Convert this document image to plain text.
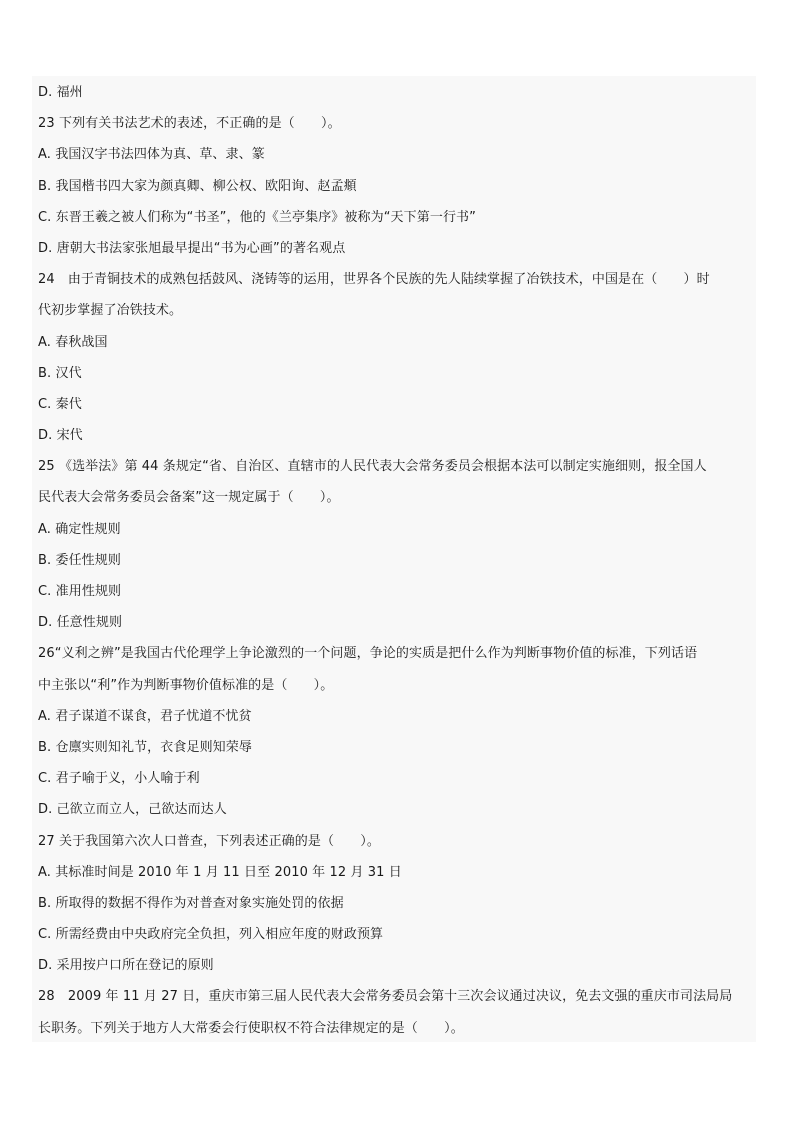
D. 福州
23 下列有关书法艺术的表述，不正确的是（　　）。
A. 我国汉字书法四体为真、草、隶、篆
B. 我国楷书四大家为颜真卿、柳公权、欧阳询、赵孟頫
C. 东晋王羲之被人们称为“书圣”，他的《兰亭集序》被称为“天下第一行书”
D. 唐朝大书法家张旭最早提出“书为心画”的著名观点
24　由于青铜技术的成熟包括鼓风、浇铸等的运用，世界各个民族的先人陆续掌握了冶铁技术，中国是在（　　）时
代初步掌握了冶铁技术。
A. 春秋战国
B. 汉代
C. 秦代
D. 宋代
25 《选举法》第 44 条规定“省、自治区、直辖市的人民代表大会常务委员会根据本法可以制定实施细则，报全国人
民代表大会常务委员会备案”这一规定属于（　　）。
A. 确定性规则
B. 委任性规则
C. 准用性规则
D. 任意性规则
26“义利之辨”是我国古代伦理学上争论激烈的一个问题，争论的实质是把什么作为判断事物价值的标准，下列话语
中主张以“利”作为判断事物价值标准的是（　　）。
A. 君子谋道不谋食，君子忧道不忧贫
B. 仓廪实则知礼节，衣食足则知荣辱
C. 君子喻于义，小人喻于利
D. 己欲立而立人，己欲达而达人
27 关于我国第六次人口普查，下列表述正确的是（　　）。
A. 其标准时间是 2010 年 1 月 11 日至 2010 年 12 月 31 日
B. 所取得的数据不得作为对普查对象实施处罚的依据
C. 所需经费由中央政府完全负担，列入相应年度的财政预算
D. 采用按户口所在登记的原则
28　2009 年 11 月 27 日，重庆市第三届人民代表大会常务委员会第十三次会议通过决议，免去文强的重庆市司法局局
长职务。下列关于地方人大常委会行使职权不符合法律规定的是（　　）。
